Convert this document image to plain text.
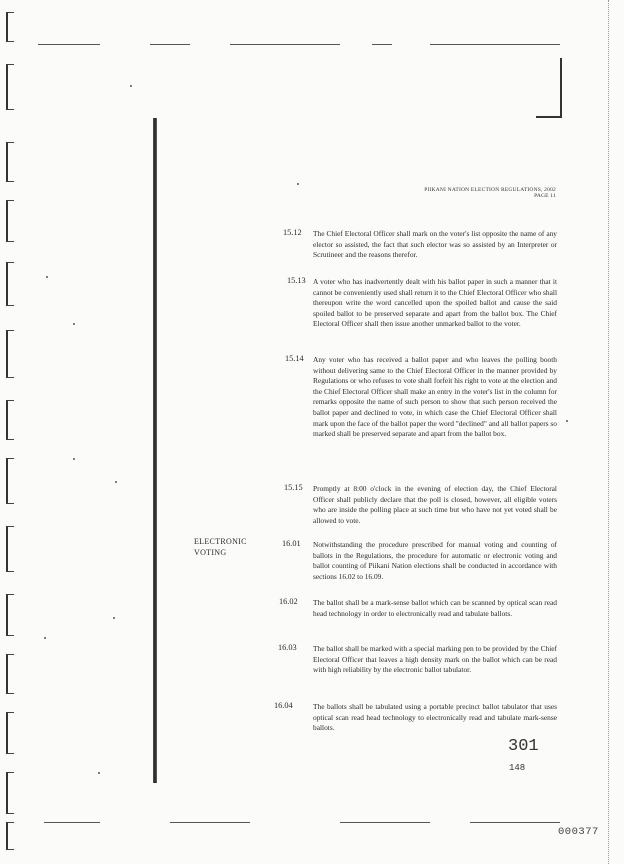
PIIKANI NATION ELECTION REGULATIONS, 2002
PAGE 11
ELECTRONIC
VOTING
15.12	The Chief Electoral Officer shall mark on the voter's list opposite the name of any elector so assisted, the fact that such elector was so assisted by an Interpreter or Scrutineer and the reasons therefor.
15.13 A voter who has inadvertently dealt with his ballot paper in such a manner that it cannot be conveniently used shall return it to the Chief Electoral Officer who shall thereupon write the word cancelled upon the spoiled ballot and cause the said spoiled ballot to be preserved separate and apart from the ballot box. The Chief Electoral Officer shall then issue another unmarked ballot to the voter.
15.14	Any voter who has received a ballot paper and who leaves the polling booth without delivering same to the Chief Electoral Officer in the manner provided by Regulations or who refuses to vote shall forfeit his right to vote at the election and the Chief Electoral Officer shall make an entry in the voter's list in the column for remarks opposite the name of such person to show that such person received the ballot paper and declined to vote, in which case the Chief Electoral Officer shall mark upon the face of the ballot paper the word "declined" and all ballot papers so marked shall be preserved separate and apart from the ballot box.
15.15	Promptly at 8:00 o'clock in the evening of election day, the Chief Electoral Officer shall publicly declare that the poll is closed, however, all eligible voters who are inside the polling place at such time but who have not yet voted shall be allowed to vote.
16.01	Notwithstanding the procedure prescribed for manual voting and counting of ballots in the Regulations, the procedure for automatic or electronic voting and ballot counting of Piikani Nation elections shall be conducted in accordance with sections 16.02 to 16.09.
16.02	The ballot shall be a mark-sense ballot which can be scanned by optical scan read head technology in order to electronically read and tabulate ballots.
16.03	The ballot shall be marked with a special marking pen to be provided by the Chief Electoral Officer that leaves a high density mark on the ballot which can be read with high reliability by the electronic ballot tabulator.
16.04	The ballots shall be tabulated using a portable precinct ballot tabulator that uses optical scan read head technology to electronically read and tabulate mark-sense ballots.
301
148
000377
